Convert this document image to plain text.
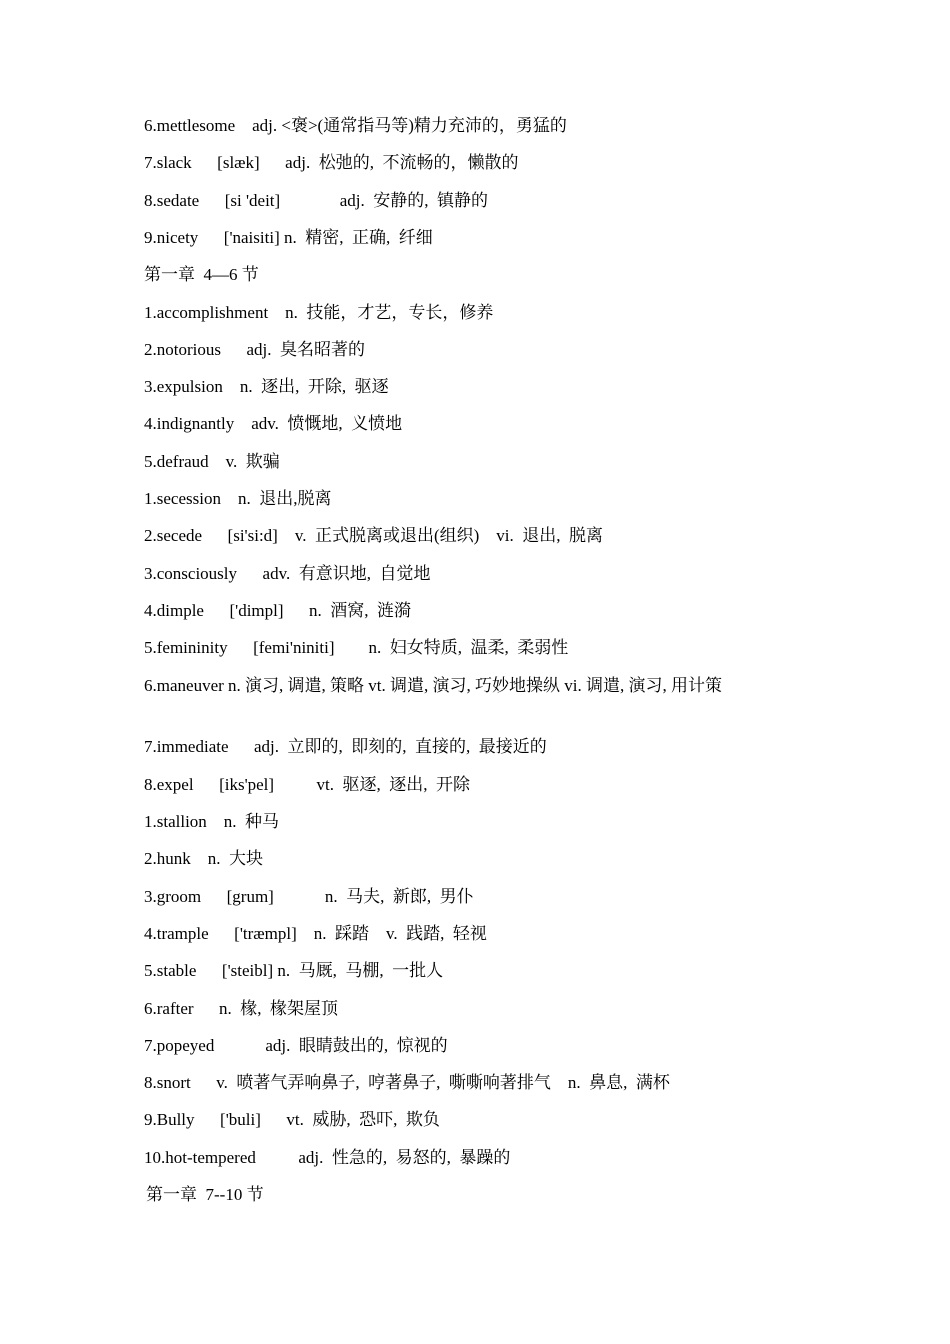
6.mettlesome    adj. <褒>(通常指马等)精力充沛的，勇猛的
7.slack      [slæk]      adj.  松弛的,  不流畅的，懒散的
8.sedate      [si 'deit]              adj.  安静的,  镇静的
9.nicety      ['naisiti] n.  精密,  正确,  纤细
第一章  4—6 节
1.accomplishment    n.  技能，才艺，专长，修养
2.notorious      adj.  臭名昭著的
3.expulsion    n.  逐出,  开除,  驱逐
4.indignantly    adv.  愤慨地,  义愤地
5.defraud    v.  欺骗
1.secession    n.  退出,脱离
2.secede      [si'si:d]    v.  正式脱离或退出(组织)    vi.  退出,  脱离
3.consciously      adv.  有意识地,  自觉地
4.dimple      ['dimpl]      n.  酒窝,  涟漪
5.femininity      [femi'niniti]        n.  妇女特质,  温柔,  柔弱性
6.maneuver n. 演习, 调遣, 策略 vt. 调遣, 演习, 巧妙地操纵 vi. 调遣, 演习, 用计策
7.immediate      adj.  立即的,  即刻的,  直接的,  最接近的
8.expel      [iks'pel]          vt.  驱逐,  逐出,  开除
1.stallion    n.  种马
2.hunk    n.  大块
3.groom      [grum]            n.  马夫,  新郎,  男仆
4.trample      ['træmpl]    n.  踩踏    v.  践踏,  轻视
5.stable      ['steibl] n.  马厩,  马棚,  一批人
6.rafter      n.  椽,  椽架屋顶
7.popeyed            adj.  眼睛鼓出的,  惊视的
8.snort      v.  喷著气弄响鼻子,  哼著鼻子,  嘶嘶响著排气    n.  鼻息,  满杯
9.Bully      ['buli]      vt.  威胁,  恐吓,  欺负
10.hot-tempered          adj.  性急的,  易怒的,  暴躁的
第一章  7--10 节
